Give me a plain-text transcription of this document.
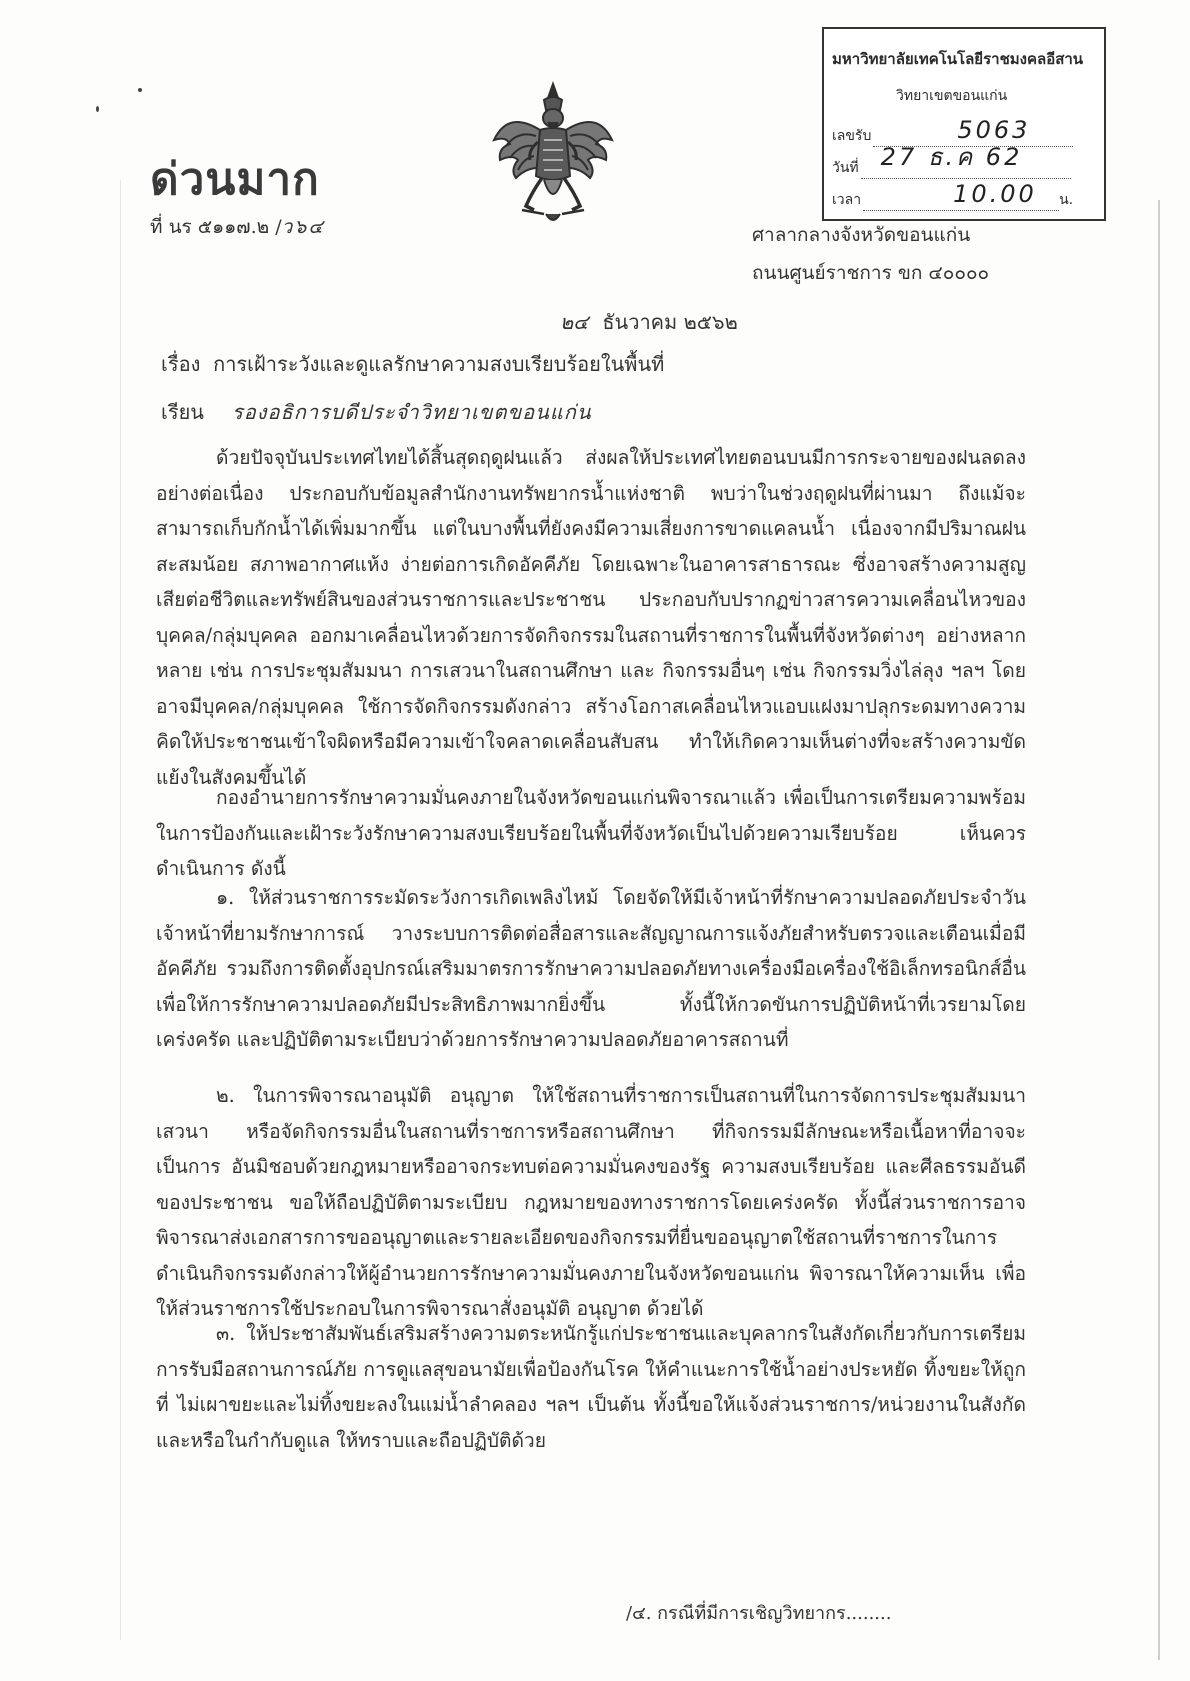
ด่วนมาก
ที่ นร ๕๑๑๗.๒ /ว๖๔
มหาวิทยาลัยเทคโนโลยีราชมงคลอีสาน
วิทยาเขตขอนแก่น
เลขรับ	5063
วันที่ 27 ธ.ค 62
เวลา	10.00 น.
ศาลากลางจังหวัดขอนแก่น
ถนนศูนย์ราชการ ขก ๔๐๐๐๐
๒๔ ธันวาคม ๒๕๖๒
เรื่อง การเฝ้าระวังและดูแลรักษาความสงบเรียบร้อยในพื้นที่
เรียน รองอธิการบดีประจำวิทยาเขตขอนแก่น

ด้วยปัจจุบันประเทศไทยได้สิ้นสุดฤดูฝนแล้ว ส่งผลให้ประเทศไทยตอนบนมีการกระจายของฝนลดลงอย่างต่อเนื่อง ประกอบกับข้อมูลสำนักงานทรัพยากรน้ำแห่งชาติ พบว่าในช่วงฤดูฝนที่ผ่านมา ถึงแม้จะสามารถเก็บกักน้ำได้เพิ่มมากขึ้น แต่ในบางพื้นที่ยังคงมีความเสี่ยงการขาดแคลนน้ำ เนื่องจากมีปริมาณฝนสะสมน้อย สภาพอากาศแห้ง ง่ายต่อการเกิดอัคคีภัย โดยเฉพาะในอาคารสาธารณะ ซึ่งอาจสร้างความสูญเสียต่อชีวิตและทรัพย์สินของส่วนราชการและประชาชน ประกอบกับปรากฏข่าวสารความเคลื่อนไหวของบุคคล/กลุ่มบุคคล ออกมาเคลื่อนไหวด้วยการจัดกิจกรรมในสถานที่ราชการในพื้นที่จังหวัดต่างๆ อย่างหลากหลาย เช่น การประชุมสัมมนา การเสวนาในสถานศึกษา และ กิจกรรมอื่นๆ เช่น กิจกรรมวิ่งไล่ลุง ฯลฯ โดยอาจมีบุคคล/กลุ่มบุคคล ใช้การจัดกิจกรรมดังกล่าว สร้างโอกาสเคลื่อนไหวแอบแฝงมาปลุกระดมทางความคิดให้ประชาชนเข้าใจผิดหรือมีความเข้าใจคลาดเคลื่อนสับสน ทำให้เกิดความเห็นต่างที่จะสร้างความขัดแย้งในสังคมขึ้นได้

กองอำนายการรักษาความมั่นคงภายในจังหวัดขอนแก่นพิจารณาแล้ว เพื่อเป็นการเตรียมความพร้อมในการป้องกันและเฝ้าระวังรักษาความสงบเรียบร้อยในพื้นที่จังหวัดเป็นไปด้วยความเรียบร้อย เห็นควรดำเนินการ ดังนี้

๑. ให้ส่วนราชการระมัดระวังการเกิดเพลิงไหม้ โดยจัดให้มีเจ้าหน้าที่รักษาความปลอดภัยประจำวัน เจ้าหน้าที่ยามรักษาการณ์ วางระบบการติดต่อสื่อสารและสัญญาณการแจ้งภัยสำหรับตรวจและเตือนเมื่อมีอัคคีภัย รวมถึงการติดตั้งอุปกรณ์เสริมมาตรการรักษาความปลอดภัยทางเครื่องมือเครื่องใช้อิเล็กทรอนิกส์อื่น เพื่อให้การรักษาความปลอดภัยมีประสิทธิภาพมากยิ่งขึ้น ทั้งนี้ให้กวดขันการปฏิบัติหน้าที่เวรยามโดยเคร่งครัด และปฏิบัติตามระเบียบว่าด้วยการรักษาความปลอดภัยอาคารสถานที่

๒. ในการพิจารณาอนุมัติ อนุญาต ให้ใช้สถานที่ราชการเป็นสถานที่ในการจัดการประชุมสัมมนา เสวนา หรือจัดกิจกรรมอื่นในสถานที่ราชการหรือสถานศึกษา ที่กิจกรรมมีลักษณะหรือเนื้อหาที่อาจจะเป็นการ อันมิชอบด้วยกฎหมายหรืออาจกระทบต่อความมั่นคงของรัฐ ความสงบเรียบร้อย และศีลธรรมอันดีของประชาชน ขอให้ถือปฏิบัติตามระเบียบ กฎหมายของทางราชการโดยเคร่งครัด ทั้งนี้ส่วนราชการอาจพิจารณาส่งเอกสารการขออนุญาตและรายละเอียดของกิจกรรมที่ยื่นขออนุญาตใช้สถานที่ราชการในการดำเนินกิจกรรมดังกล่าวให้ผู้อำนวยการรักษาความมั่นคงภายในจังหวัดขอนแก่น พิจารณาให้ความเห็น เพื่อให้ส่วนราชการใช้ประกอบในการพิจารณาสั่งอนุมัติ อนุญาต ด้วยได้

๓. ให้ประชาสัมพันธ์เสริมสร้างความตระหนักรู้แก่ประชาชนและบุคลากรในสังกัดเกี่ยวกับการเตรียมการรับมือสถานการณ์ภัย การดูแลสุขอนามัยเพื่อป้องกันโรค ให้คำแนะการใช้น้ำอย่างประหยัด ทิ้งขยะให้ถูกที่ ไม่เผาขยะและไม่ทิ้งขยะลงในแม่น้ำลำคลอง ฯลฯ เป็นต้น ทั้งนี้ขอให้แจ้งส่วนราชการ/หน่วยงานในสังกัด และหรือในกำกับดูแล ให้ทราบและถือปฏิบัติด้วย

/๔. กรณีที่มีการเชิญวิทยากร........
